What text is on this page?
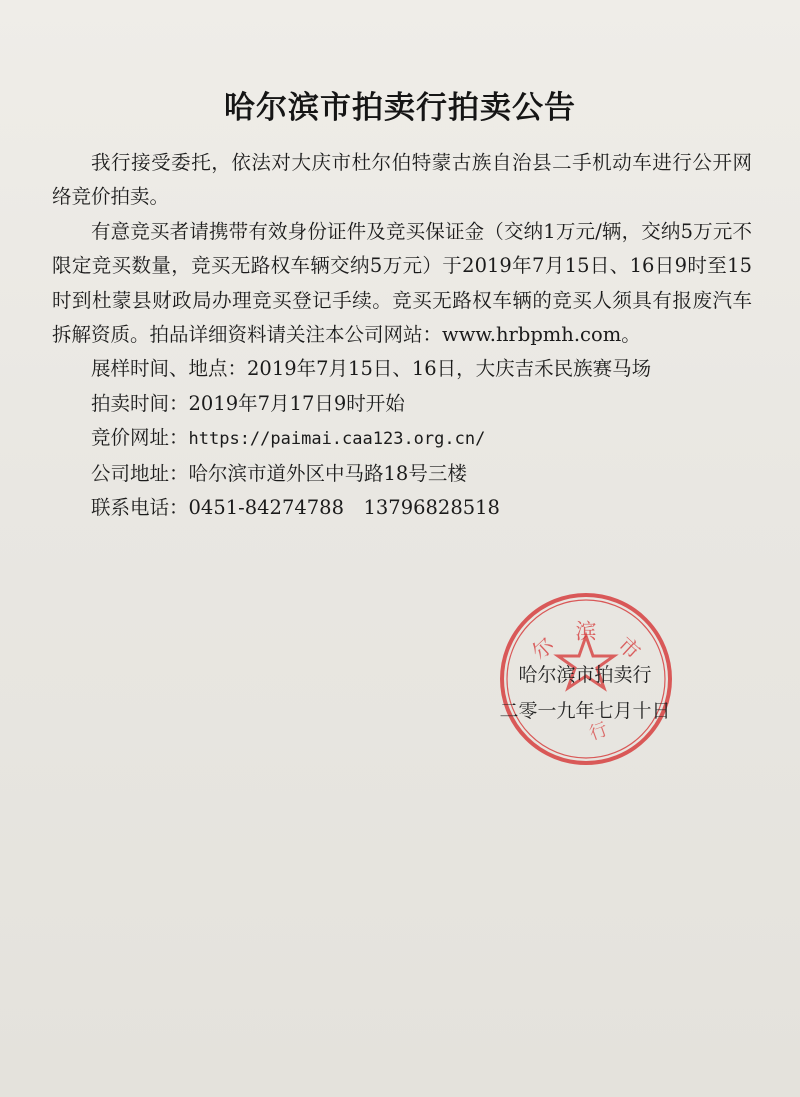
哈尔滨市拍卖行拍卖公告

我行接受委托，依法对大庆市杜尔伯特蒙古族自治县二手机动车进行公开网络竞价拍卖。

有意竞买者请携带有效身份证件及竞买保证金（交纳1万元/辆，交纳5万元不限定竞买数量，竞买无路权车辆交纳5万元）于2019年7月15日、16日9时至15时到杜蒙县财政局办理竞买登记手续。竞买无路权车辆的竞买人须具有报废汽车拆解资质。拍品详细资料请关注本公司网站：www.hrbpmh.com。

展样时间、地点：2019年7月15日、16日，大庆吉禾民族赛马场

拍卖时间：2019年7月17日9时开始

竞价网址：https://paimai.caa123.org.cn/

公司地址：哈尔滨市道外区中马路18号三楼

联系电话：0451-84274788　13796828518

尔　滨　市
行
哈尔滨市拍卖行
二零一九年七月十日
